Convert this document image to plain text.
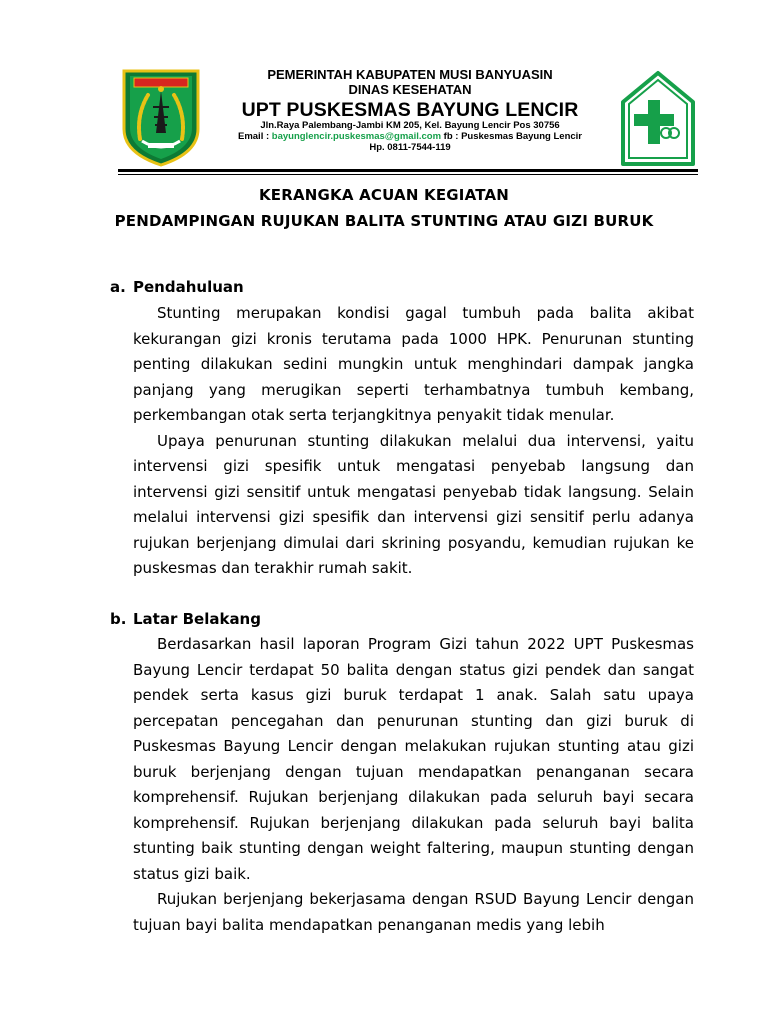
PEMERINTAH KABUPATEN MUSI BANYUASIN
DINAS KESEHATAN
UPT PUSKESMAS BAYUNG LENCIR
Jln.Raya Palembang-Jambi KM 205, Kel. Bayung Lencir Pos 30756
Email : bayunglencir.puskesmas@gmail.com fb : Puskesmas Bayung Lencir
Hp. 0811-7544-119
KERANGKA ACUAN KEGIATAN
PENDAMPINGAN RUJUKAN BALITA STUNTING ATAU GIZI BURUK
a. Pendahuluan

Stunting merupakan kondisi gagal tumbuh pada balita akibat kekurangan gizi kronis terutama pada 1000 HPK. Penurunan stunting penting dilakukan sedini mungkin untuk menghindari dampak jangka panjang yang merugikan seperti terhambatnya tumbuh kembang, perkembangan otak serta terjangkitnya penyakit tidak menular.

Upaya penurunan stunting dilakukan melalui dua intervensi, yaitu intervensi gizi spesifik untuk mengatasi penyebab langsung dan intervensi gizi sensitif untuk mengatasi penyebab tidak langsung. Selain melalui intervensi gizi spesifik dan intervensi gizi sensitif perlu adanya rujukan berjenjang dimulai dari skrining posyandu, kemudian rujukan ke puskesmas dan terakhir rumah sakit.

b. Latar Belakang

Berdasarkan hasil laporan Program Gizi tahun 2022 UPT Puskesmas Bayung Lencir terdapat 50 balita dengan status gizi pendek dan sangat pendek serta kasus gizi buruk terdapat 1 anak. Salah satu upaya percepatan pencegahan dan penurunan stunting dan gizi buruk di Puskesmas Bayung Lencir dengan melakukan rujukan stunting atau gizi buruk berjenjang dengan tujuan mendapatkan penanganan secara komprehensif. Rujukan berjenjang dilakukan pada seluruh bayi secara komprehensif. Rujukan berjenjang dilakukan pada seluruh bayi balita stunting baik stunting dengan weight faltering, maupun stunting dengan status gizi baik.

Rujukan berjenjang bekerjasama dengan RSUD Bayung Lencir dengan tujuan bayi balita mendapatkan penanganan medis yang lebih
